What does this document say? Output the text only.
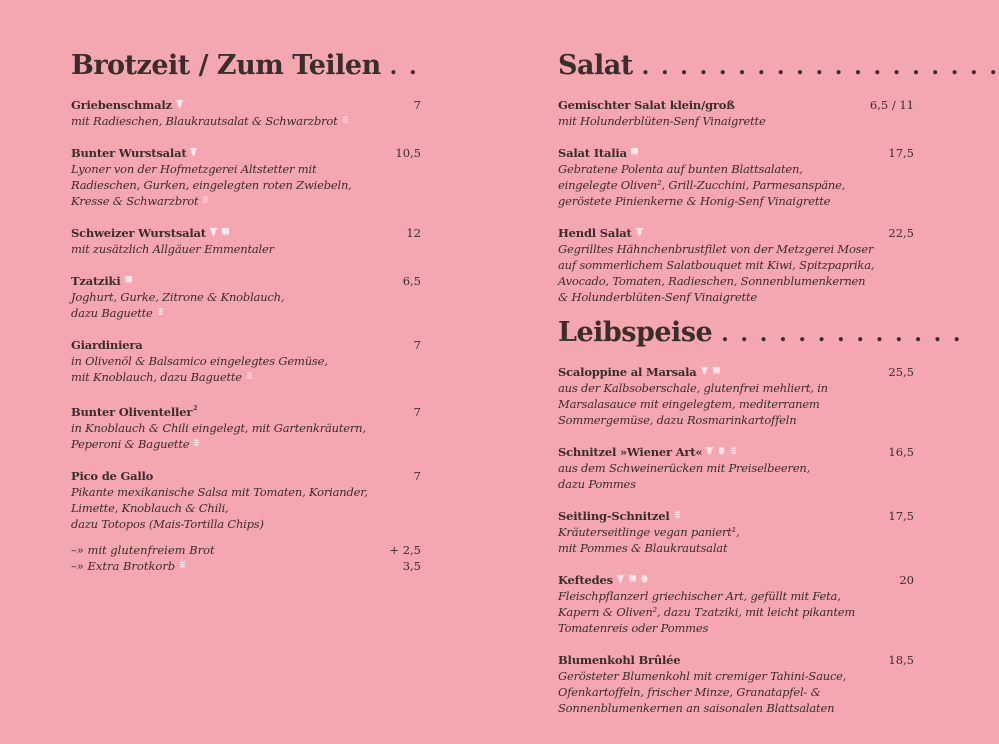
Brotzeit / Zum Teilen . .
Griebenschmalz	7
mit Radieschen, Blaukrautsalat & Schwarzbrot
Bunter Wurstsalat	10,5
Lyoner von der Hofmetzgerei Altstetter mit
Radieschen, Gurken, eingelegten roten Zwiebeln,
Kresse & Schwarzbrot
Schweizer Wurstsalat	12
mit zusätzlich Allgäuer Emmentaler
Tzatziki	6,5
Joghurt, Gurke, Zitrone & Knoblauch,
dazu Baguette
Giardiniera	7
in Olivenöl & Balsamico eingelegtes Gemüse,
mit Knoblauch, dazu Baguette
Bunter Oliventeller$^2$	7
in Knoblauch & Chili eingelegt, mit Gartenkräutern,
Peperoni & Baguette
Pico de Gallo	7
Pikante mexikanische Salsa mit Tomaten, Koriander,
Limette, Knoblauch & Chili,
dazu Totopos (Mais-Tortilla Chips)
–» mit glutenfreiem Brot	+ 2,5
–» Extra Brotkorb	3,5
Salat . . . . . . . . . . . . . . . . . . .
Gemischter Salat klein/groß	6,5 / 11
mit Holunderblüten-Senf Vinaigrette
Salat Italia	17,5
Gebratene Polenta auf bunten Blattsalaten,
eingelegte Oliven², Grill-Zucchini, Parmesanspäne,
geröstete Pinienkerne & Honig-Senf Vinaigrette
Hendl Salat	22,5
Gegrilltes Hähnchenbrustfilet von der Metzgerei Moser
auf sommerlichem Salatbouquet mit Kiwi, Spitzpaprika,
Avocado, Tomaten, Radieschen, Sonnenblumenkernen
& Holunderblüten-Senf Vinaigrette
Leibspeise . . . . . . . . . . . . .
Scaloppine al Marsala	25,5
aus der Kalbsoberschale, glutenfrei mehliert, in
Marsalasauce mit eingelegtem, mediterranem
Sommergemüse, dazu Rosmarinkartoffeln
Schnitzel »Wiener Art«	16,5
aus dem Schweinerücken mit Preiselbeeren,
dazu Pommes
Seitling-Schnitzel	17,5
Kräuterseitlinge vegan paniert¹,
mit Pommes & Blaukrautsalat
Keftedes	20
Fleischpflanzerl griechischer Art, gefüllt mit Feta,
Kapern & Oliven², dazu Tzatziki, mit leicht pikantem
Tomatenreis oder Pommes
Blumenkohl Brûlée	18,5
Gerösteter Blumenkohl mit cremiger Tahini-Sauce,
Ofenkartoffeln, frischer Minze, Granatapfel- &
Sonnenblumenkernen an saisonalen Blattsalaten
